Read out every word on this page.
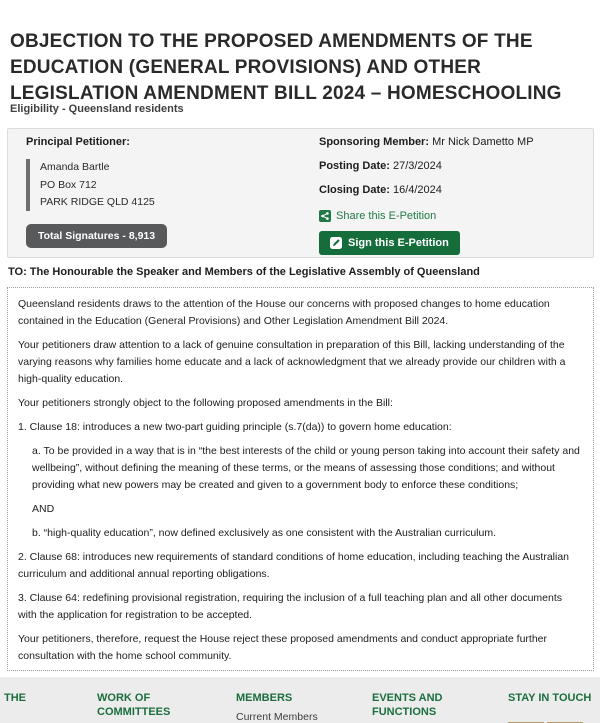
OBJECTION TO THE PROPOSED AMENDMENTS OF THE EDUCATION (GENERAL PROVISIONS) AND OTHER LEGISLATION AMENDMENT BILL 2024 – HOMESCHOOLING
Eligibility - Queensland residents
Principal Petitioner:
Amanda Bartle
PO Box 712
PARK RIDGE QLD 4125
Total Signatures - 8,913
Sponsoring Member: Mr Nick Dametto MP
Posting Date: 27/3/2024
Closing Date: 16/4/2024
Share this E-Petition
Sign this E-Petition
TO: The Honourable the Speaker and Members of the Legislative Assembly of Queensland

Queensland residents draws to the attention of the House our concerns with proposed changes to home education contained in the Education (General Provisions) and Other Legislation Amendment Bill 2024.

Your petitioners draw attention to a lack of genuine consultation in preparation of this Bill, lacking understanding of the varying reasons why families home educate and a lack of acknowledgment that we already provide our children with a high-quality education.

Your petitioners strongly object to the following proposed amendments in the Bill:

1. Clause 18: introduces a new two-part guiding principle (s.7(da)) to govern home education:

a. To be provided in a way that is in “the best interests of the child or young person taking into account their safety and wellbeing”, without defining the meaning of these terms, or the means of assessing those conditions; and without providing what new powers may be created and given to a government body to enforce these conditions;

AND

b. “high-quality education”, now defined exclusively as one consistent with the Australian curriculum.

2. Clause 68: introduces new requirements of standard conditions of home education, including teaching the Australian curriculum and additional annual reporting obligations.

3. Clause 64: redefining provisional registration, requiring the inclusion of a full teaching plan and all other documents with the application for registration to be accepted.

Your petitioners, therefore, request the House reject these proposed amendments and conduct appropriate further consultation with the home school community.

THE	WORK OF COMMITTEES
MEMBERS
Current Members
EVENTS AND FUNCTIONS
STAY IN TOUCH
